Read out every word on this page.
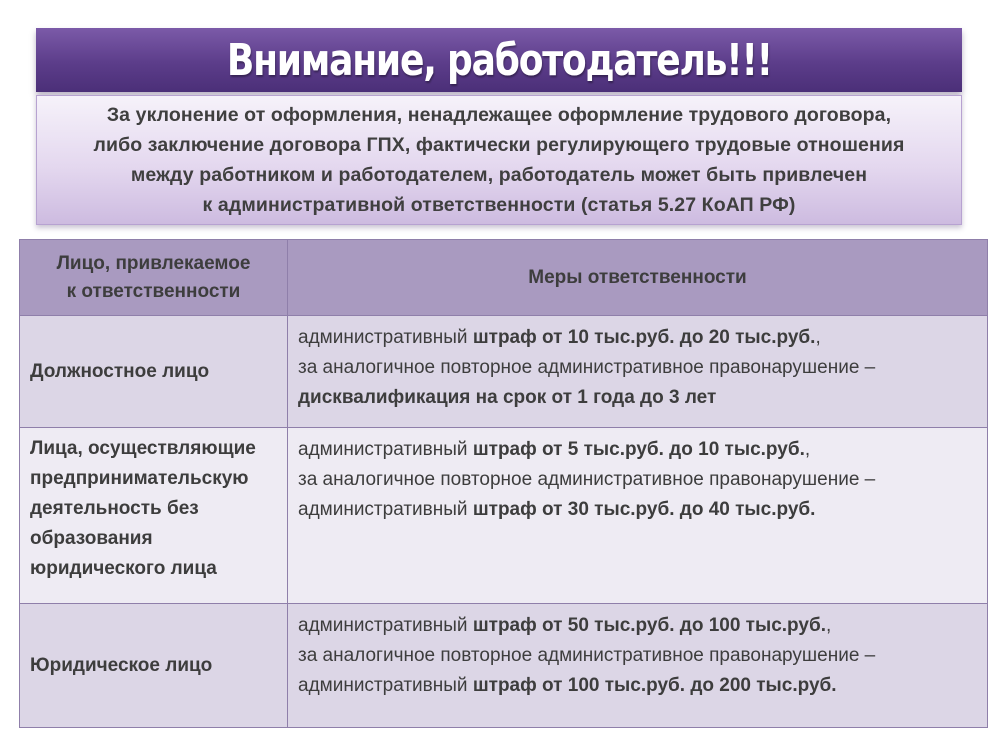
Внимание, работодатель!!!

За уклонение от оформления, ненадлежащее оформление трудового договора,
либо заключение договора ГПХ, фактически регулирующего трудовые отношения
между работником и работодателем, работодатель может быть привлечен
к административной ответственности (статья 5.27 КоАП РФ)

Лицо, привлекаемое
к ответственности	Меры ответственности

Должностное лицо	административный штраф от 10 тыс.руб. до 20 тыс.руб.,
за аналогичное повторное административное правонарушение –
дисквалификация на срок от 1 года до 3 лет

Лица, осуществляющие
предпринимательскую
деятельность без
образования
юридического лица	административный штраф от 5 тыс.руб. до 10 тыс.руб.,
за аналогичное повторное административное правонарушение –
административный штраф от 30 тыс.руб. до 40 тыс.руб.

Юридическое лицо	административный штраф от 50 тыс.руб. до 100 тыс.руб.,
за аналогичное повторное административное правонарушение –
административный штраф от 100 тыс.руб. до 200 тыс.руб.
